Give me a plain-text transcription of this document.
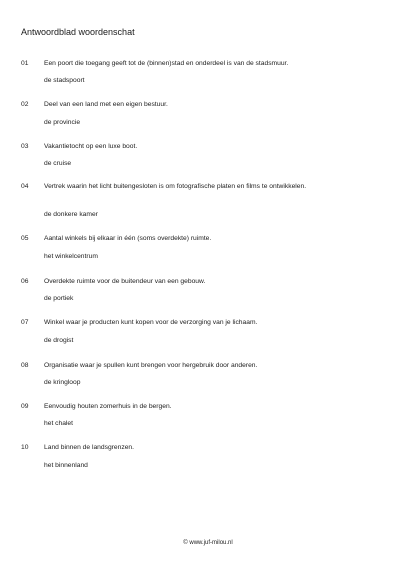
Antwoordblad woordenschat
01 Een poort die toegang geeft tot de (binnen)stad en onderdeel is van de stadsmuur.
de stadspoort
02 Deel van een land met een eigen bestuur.
de provincie
03 Vakantietocht op een luxe boot.
de cruise
04 Vertrek waarin het licht buitengesloten is om fotografische platen en films te ontwikkelen.
de donkere kamer
05 Aantal winkels bij elkaar in één (soms overdekte) ruimte.
het winkelcentrum
06 Overdekte ruimte voor de buitendeur van een gebouw.
de portiek
07 Winkel waar je producten kunt kopen voor de verzorging van je lichaam.
de drogist
08 Organisatie waar je spullen kunt brengen voor hergebruik door anderen.
de kringloop
09 Eenvoudig houten zomerhuis in de bergen.
het chalet
10 Land binnen de landsgrenzen.
het binnenland
© www.juf-milou.nl
